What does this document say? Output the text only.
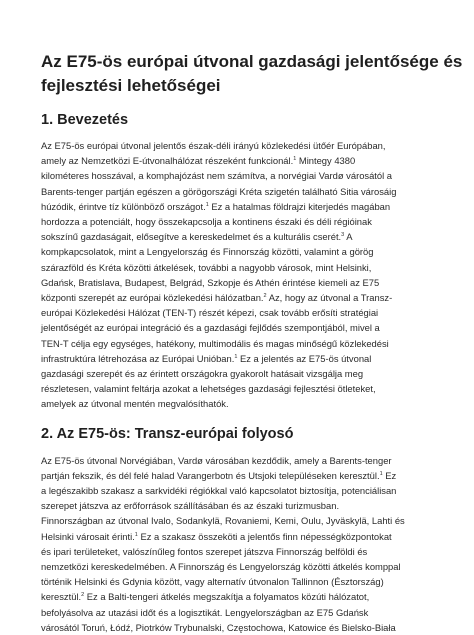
Az E75-ös európai útvonal gazdasági jelentősége és
fejlesztési lehetőségei
1. Bevezetés

Az E75-ös európai útvonal jelentős észak-déli irányú közlekedési ütőér Európában,
amely az Nemzetközi E-útvonalhálózat részeként funkcionál.$^1$ Mintegy 4380
kilométeres hosszával, a komphajózást nem számítva, a norvégiai Vardø városától a
Barents-tenger partján egészen a görögországi Kréta szigetén található Sitia városáig
húzódik, érintve tíz különböző országot.$^1$ Ez a hatalmas földrajzi kiterjedés magában
hordozza a potenciált, hogy összekapcsolja a kontinens északi és déli régióinak
sokszínű gazdaságait, elősegítve a kereskedelmet és a kulturális cserét.$^3$ A
kompkapcsolatok, mint a Lengyelország és Finnország közötti, valamint a görög
szárazföld és Kréta közötti átkelések, további a nagyobb városok, mint Helsinki,
Gdańsk, Bratislava, Budapest, Belgrád, Szkopje és Athén érintése kiemeli az E75
központi szerepét az európai közlekedési hálózatban.$^2$ Az, hogy az útvonal a Transz-
európai Közlekedési Hálózat (TEN-T) részét képezi, csak tovább erősíti stratégiai
jelentőségét az európai integráció és a gazdasági fejlődés szempontjából, mivel a
TEN-T célja egy egységes, hatékony, multimodális és magas minőségű közlekedési
infrastruktúra létrehozása az Európai Unióban.$^1$ Ez a jelentés az E75-ös útvonal
gazdasági szerepét és az érintett országokra gyakorolt hatásait vizsgálja meg
részletesen, valamint feltárja azokat a lehetséges gazdasági fejlesztési ötleteket,
amelyek az útvonal mentén megvalósíthatók.

2. Az E75-ös: Transz-európai folyosó

Az E75-ös útvonal Norvégiában, Vardø városában kezdődik, amely a Barents-tenger
partján fekszik, és dél felé halad Varangerbotn és Utsjoki településeken keresztül.$^1$ Ez
a legészakibb szakasz a sarkvidéki régiókkal való kapcsolatot biztosítja, potenciálisan
szerepet játszva az erőforrások szállításában és az északi turizmusban.
Finnországban az útvonal Ivalo, Sodankylä, Rovaniemi, Kemi, Oulu, Jyväskylä, Lahti és
Helsinki városait érinti.$^1$ Ez a szakasz összeköti a jelentős finn népességközpontokat
és ipari területeket, valószínűleg fontos szerepet játszva Finnország belföldi és
nemzetközi kereskedelmében. A Finnország és Lengyelország közötti átkelés komppal
történik Helsinki és Gdynia között, vagy alternatív útvonalon Tallinnon (Észtország)
keresztül.$^2$ Ez a Balti-tengeri átkelés megszakítja a folyamatos közúti hálózatot,
befolyásolva az utazási időt és a logisztikát. Lengyelországban az E75 Gdańsk
városától Toruń, Łódź, Piotrków Trybunalski, Częstochowa, Katowice és Bielsko-Biała
